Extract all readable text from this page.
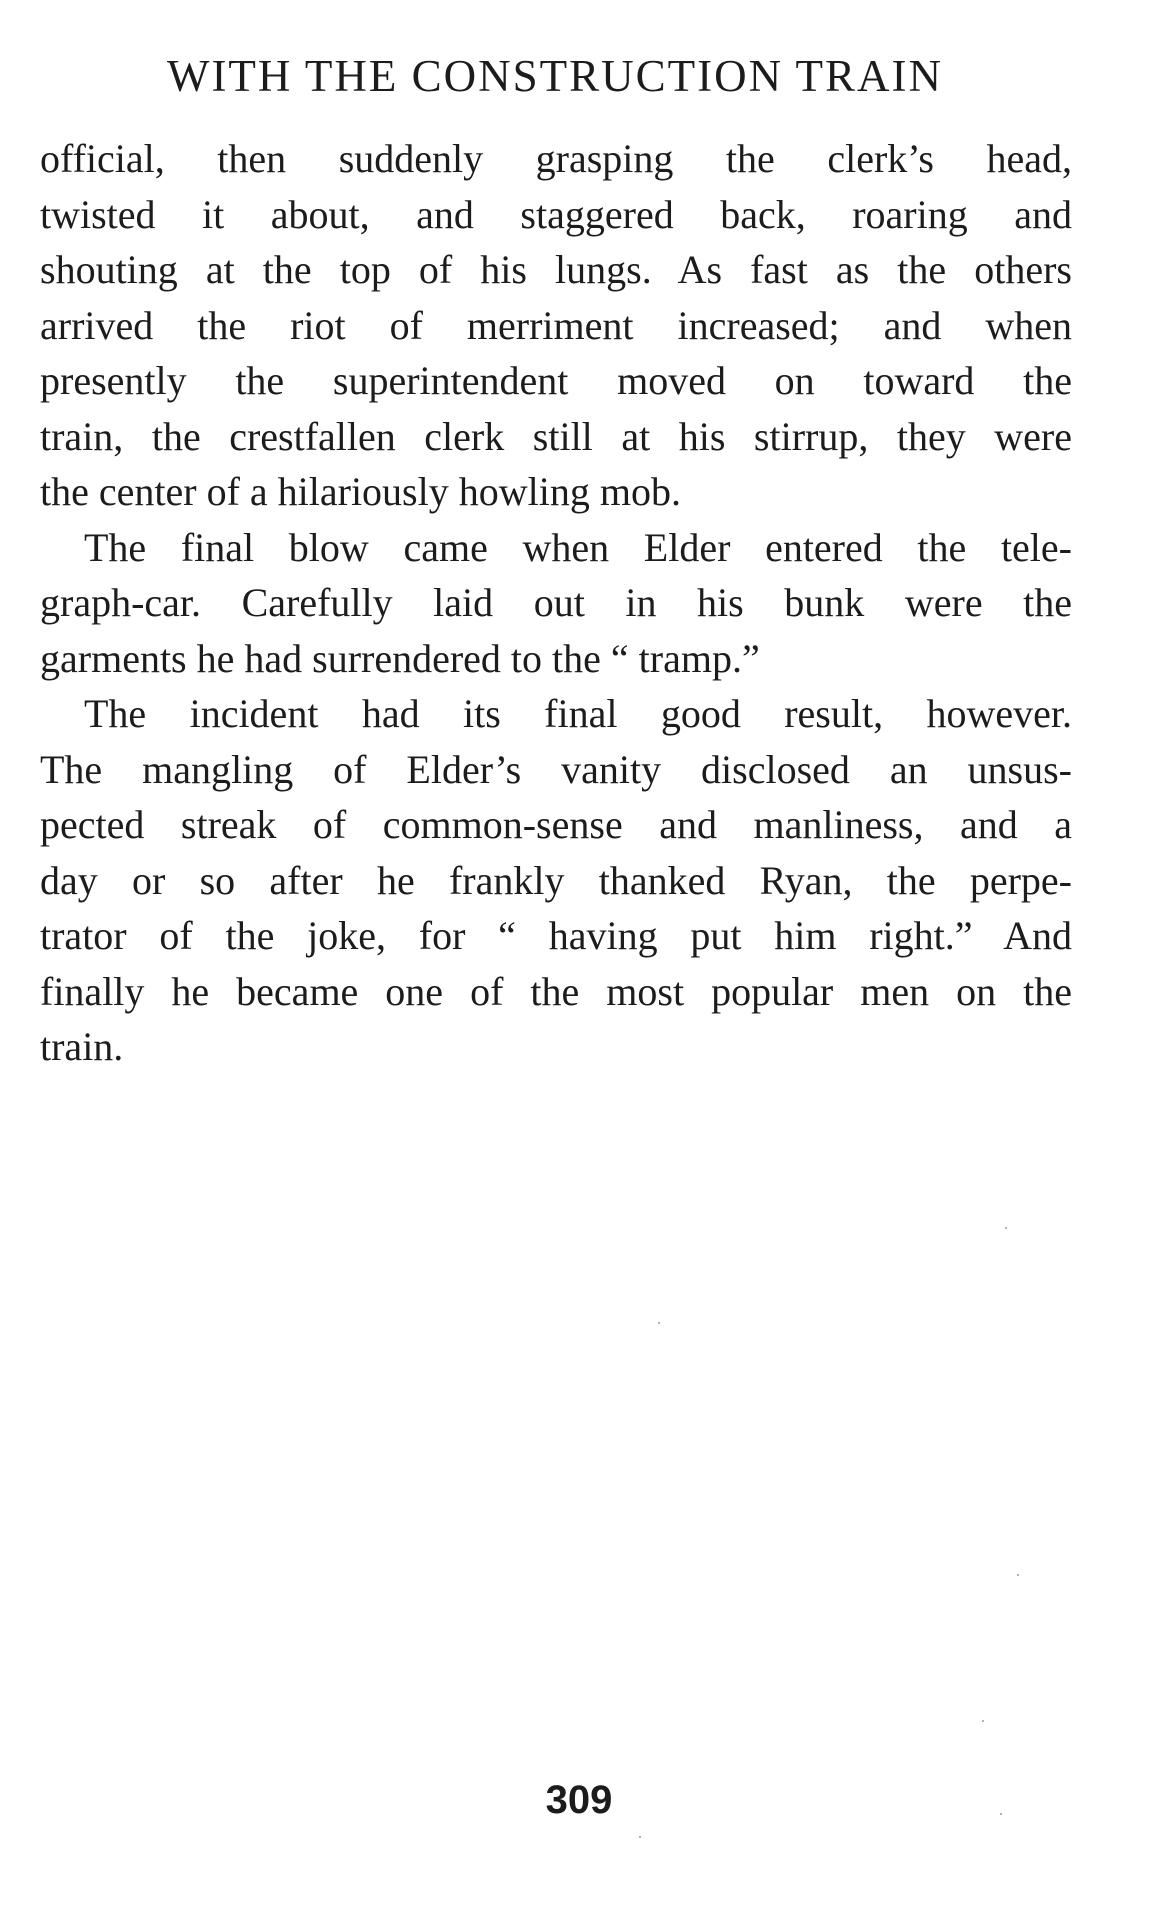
WITH THE CONSTRUCTION TRAIN
official, then suddenly grasping the clerk’s head,
twisted it about, and staggered back, roaring and
shouting at the top of his lungs. As fast as the others
arrived the riot of merriment increased; and when
presently the superintendent moved on toward the
train, the crestfallen clerk still at his stirrup, they were
the center of a hilariously howling mob.
The final blow came when Elder entered the tele-
graph-car. Carefully laid out in his bunk were the
garments he had surrendered to the “ tramp.”
The incident had its final good result, however.
The mangling of Elder’s vanity disclosed an unsus-
pected streak of common-sense and manliness, and a
day or so after he frankly thanked Ryan, the perpe-
trator of the joke, for “ having put him right.” And
finally he became one of the most popular men on the
train.
309
